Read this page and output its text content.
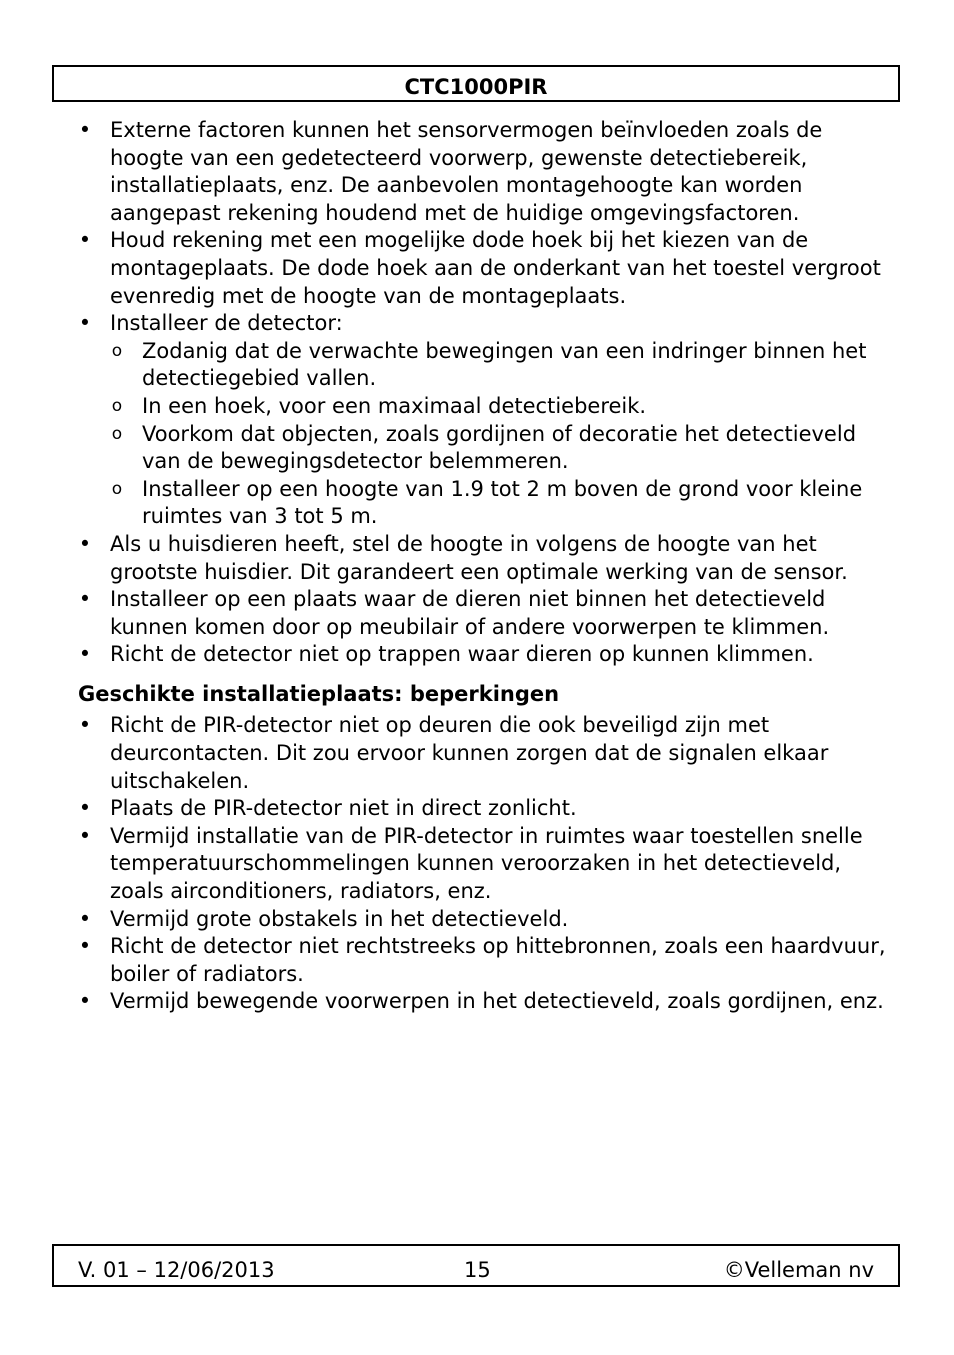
CTC1000PIR
• Externe factoren kunnen het sensorvermogen beïnvloeden zoals de hoogte van een gedetecteerd voorwerp, gewenste detectiebereik, installatieplaats, enz. De aanbevolen montagehoogte kan worden aangepast rekening houdend met de huidige omgevingsfactoren.
• Houd rekening met een mogelijke dode hoek bij het kiezen van de montageplaats. De dode hoek aan de onderkant van het toestel vergroot evenredig met de hoogte van de montageplaats.
• Installeer de detector:
o Zodanig dat de verwachte bewegingen van een indringer binnen het detectiegebied vallen.
o In een hoek, voor een maximaal detectiebereik.
o Voorkom dat objecten, zoals gordijnen of decoratie het detectieveld van de bewegingsdetector belemmeren.
o Installeer op een hoogte van 1.9 tot 2 m boven de grond voor kleine ruimtes van 3 tot 5 m.
• Als u huisdieren heeft, stel de hoogte in volgens de hoogte van het grootste huisdier. Dit garandeert een optimale werking van de sensor.
• Installeer op een plaats waar de dieren niet binnen het detectieveld kunnen komen door op meubilair of andere voorwerpen te klimmen.
• Richt de detector niet op trappen waar dieren op kunnen klimmen.
Geschikte installatieplaats: beperkingen
• Richt de PIR-detector niet op deuren die ook beveiligd zijn met deurcontacten. Dit zou ervoor kunnen zorgen dat de signalen elkaar uitschakelen.
• Plaats de PIR-detector niet in direct zonlicht.
• Vermijd installatie van de PIR-detector in ruimtes waar toestellen snelle temperatuurschommelingen kunnen veroorzaken in het detectieveld, zoals airconditioners, radiators, enz.
• Vermijd grote obstakels in het detectieveld.
• Richt de detector niet rechtstreeks op hittebronnen, zoals een haardvuur, boiler of radiators.
• Vermijd bewegende voorwerpen in het detectieveld, zoals gordijnen, enz.
V. 01 – 12/06/2013	15	©Velleman nv
